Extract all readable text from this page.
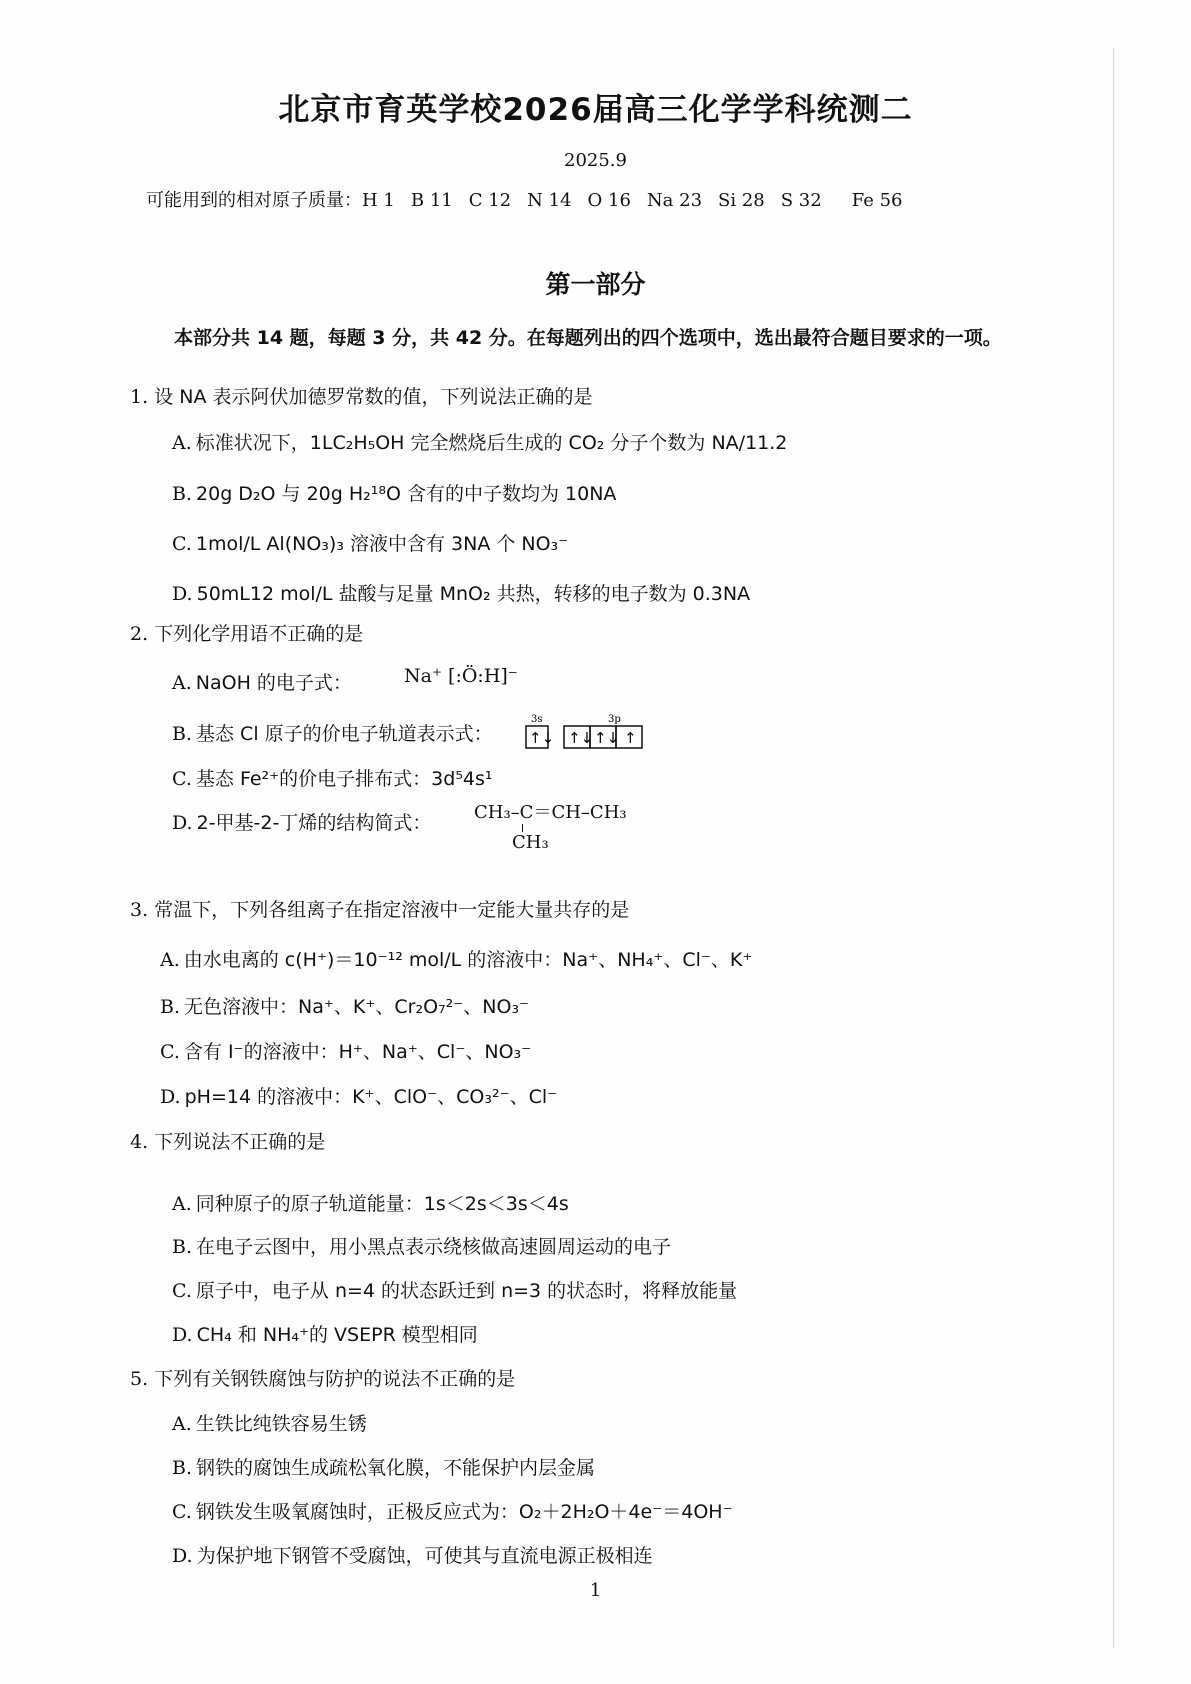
北京市育英学校2026届高三化学学科统测二
2025.9
可能用到的相对原子质量：H 1 B 11 C 12 N 14 O 16 Na 23 Si 28 S 32 Fe 56
第一部分
本部分共 14 题，每题 3 分，共 42 分。在每题列出的四个选项中，选出最符合题目要求的一项。
1. 设 NA 表示阿伏加德罗常数的值，下列说法正确的是
A. 标准状况下，1LC₂H₅OH 完全燃烧后生成的 CO₂ 分子个数为 NA/11.2
B. 20g D₂O 与 20g H₂¹⁸O 含有的中子数均为 10NA
C. 1mol/L Al(NO₃)₃ 溶液中含有 3NA 个 NO₃⁻
D. 50mL12 mol/L 盐酸与足量 MnO₂ 共热，转移的电子数为 0.3NA
2. 下列化学用语不正确的是
A. NaOH 的电子式：	Na⁺ [:Ö:H]⁻
B. 基态 Cl 原子的价电子轨道表示式：
3s	3p
↑↓ ↑↓ ↑↓ ↑
C. 基态 Fe²⁺的价电子排布式：3d⁵4s¹
D. 2-甲基-2-丁烯的结构简式： CH₃–C＝CH–CH₃
CH₃
3. 常温下，下列各组离子在指定溶液中一定能大量共存的是
A. 由水电离的 c(H⁺)＝10⁻¹² mol/L 的溶液中：Na⁺、NH₄⁺、Cl⁻、K⁺
B. 无色溶液中：Na⁺、K⁺、Cr₂O₇²⁻、NO₃⁻
C. 含有 I⁻的溶液中：H⁺、Na⁺、Cl⁻、NO₃⁻
D. pH=14 的溶液中：K⁺、ClO⁻、CO₃²⁻、Cl⁻
4. 下列说法不正确的是
A. 同种原子的原子轨道能量：1s＜2s＜3s＜4s
B. 在电子云图中，用小黑点表示绕核做高速圆周运动的电子
C. 原子中，电子从 n=4 的状态跃迁到 n=3 的状态时，将释放能量
D. CH₄ 和 NH₄⁺的 VSEPR 模型相同
5. 下列有关钢铁腐蚀与防护的说法不正确的是
A. 生铁比纯铁容易生锈
B. 钢铁的腐蚀生成疏松氧化膜，不能保护内层金属
C. 钢铁发生吸氧腐蚀时，正极反应式为：O₂＋2H₂O＋4e⁻＝4OH⁻
D. 为保护地下钢管不受腐蚀，可使其与直流电源正极相连
1
